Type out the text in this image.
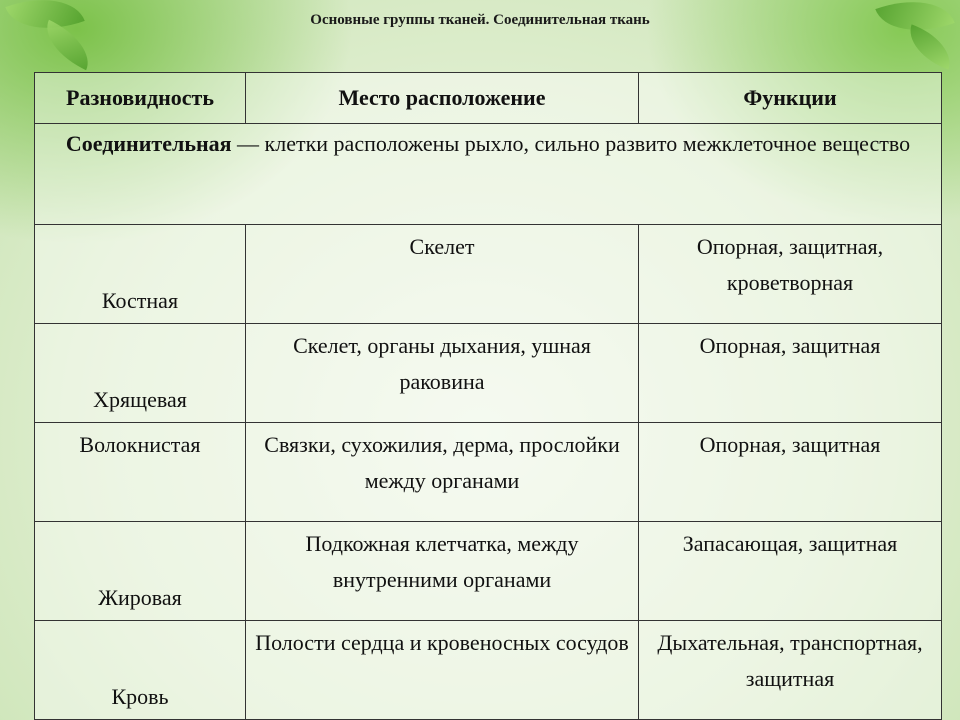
Основные группы тканей. Соединительная ткань
Разновидность	Место расположение	Функции
Соединительная — клетки расположены рыхло, сильно развито межклеточное вещество		
Костная	Скелет	Опорная, защитная, кроветворная
Хрящевая	Скелет, органы дыхания, ушная раковина	Опорная, защитная
Волокнистая	Связки, сухожилия, дерма, прослойки между органами	Опорная, защитная
Жировая	Подкожная клетчатка, между внутренними органами	Запасающая, защитная
Кровь	Полости сердца и кровеносных сосудов	Дыхательная, транспортная, защитная
